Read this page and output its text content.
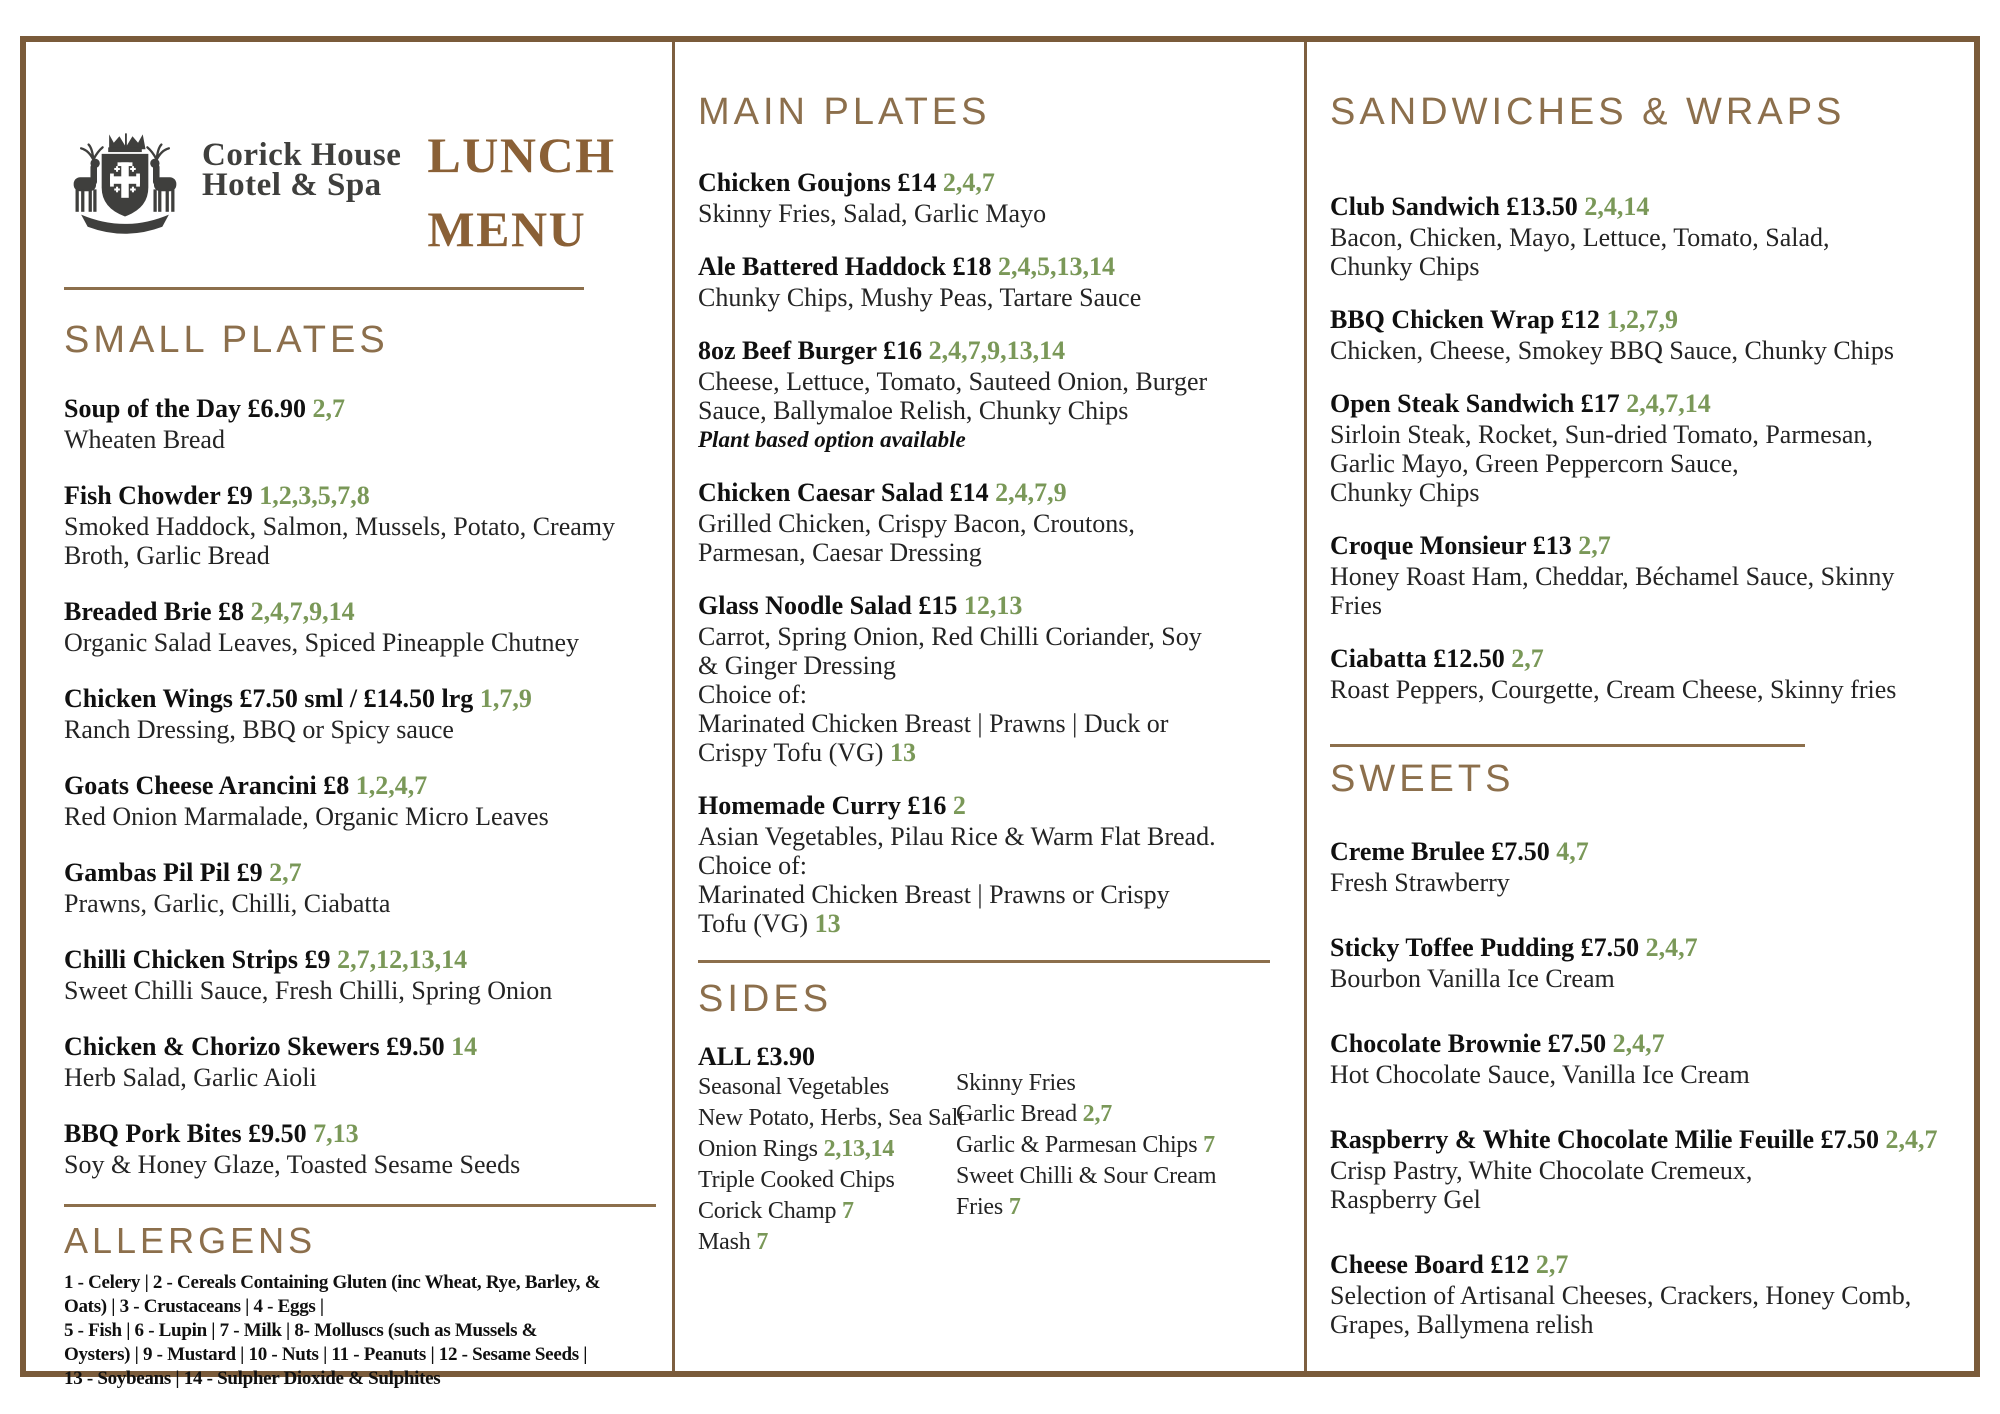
Corick House
Hotel & Spa
LUNCH
MENU
SMALL PLATES
Soup of the Day £6.90 2,7
Wheaten Bread
Fish Chowder £9 1,2,3,5,7,8
Smoked Haddock, Salmon, Mussels, Potato, Creamy
Broth, Garlic Bread
Breaded Brie £8 2,4,7,9,14
Organic Salad Leaves, Spiced Pineapple Chutney
Chicken Wings £7.50 sml / £14.50 lrg 1,7,9
Ranch Dressing, BBQ or Spicy sauce
Goats Cheese Arancini £8 1,2,4,7
Red Onion Marmalade, Organic Micro Leaves
Gambas Pil Pil £9 2,7
Prawns, Garlic, Chilli, Ciabatta
Chilli Chicken Strips £9 2,7,12,13,14
Sweet Chilli Sauce, Fresh Chilli, Spring Onion
Chicken & Chorizo Skewers £9.50 14
Herb Salad, Garlic Aioli
BBQ Pork Bites £9.50 7,13
Soy & Honey Glaze, Toasted Sesame Seeds
ALLERGENS
1 - Celery | 2 - Cereals Containing Gluten (inc Wheat, Rye, Barley, &
Oats) | 3 - Crustaceans | 4 - Eggs |
5 - Fish | 6 - Lupin | 7 - Milk | 8- Molluscs (such as Mussels &
Oysters) | 9 - Mustard | 10 - Nuts | 11 - Peanuts | 12 - Sesame Seeds |
13 - Soybeans | 14 - Sulpher Dioxide & Sulphites
MAIN PLATES
Chicken Goujons £14 2,4,7
Skinny Fries, Salad, Garlic Mayo
Ale Battered Haddock £18 2,4,5,13,14
Chunky Chips, Mushy Peas, Tartare Sauce
8oz Beef Burger £16 2,4,7,9,13,14
Cheese, Lettuce, Tomato, Sauteed Onion, Burger
Sauce, Ballymaloe Relish, Chunky Chips
Plant based option available
Chicken Caesar Salad £14 2,4,7,9
Grilled Chicken, Crispy Bacon, Croutons,
Parmesan, Caesar Dressing
Glass Noodle Salad £15 12,13
Carrot, Spring Onion, Red Chilli Coriander, Soy
& Ginger Dressing
Choice of:
Marinated Chicken Breast | Prawns | Duck or
Crispy Tofu (VG) 13
Homemade Curry £16 2
Asian Vegetables, Pilau Rice & Warm Flat Bread.
Choice of:
Marinated Chicken Breast | Prawns or Crispy
Tofu (VG) 13
SIDES
ALL £3.90
Seasonal Vegetables
New Potato, Herbs, Sea Salt
Onion Rings 2,13,14
Triple Cooked Chips
Corick Champ 7
Mash 7
Skinny Fries
Garlic Bread 2,7
Garlic & Parmesan Chips 7
Sweet Chilli & Sour Cream
Fries 7
SANDWICHES & WRAPS
Club Sandwich £13.50 2,4,14
Bacon, Chicken, Mayo, Lettuce, Tomato, Salad,
Chunky Chips
BBQ Chicken Wrap £12 1,2,7,9
Chicken, Cheese, Smokey BBQ Sauce, Chunky Chips
Open Steak Sandwich £17 2,4,7,14
Sirloin Steak, Rocket, Sun-dried Tomato, Parmesan,
Garlic Mayo, Green Peppercorn Sauce,
Chunky Chips
Croque Monsieur £13 2,7
Honey Roast Ham, Cheddar, Béchamel Sauce, Skinny
Fries
Ciabatta £12.50 2,7
Roast Peppers, Courgette, Cream Cheese, Skinny fries
SWEETS
Creme Brulee £7.50 4,7
Fresh Strawberry
Sticky Toffee Pudding £7.50 2,4,7
Bourbon Vanilla Ice Cream
Chocolate Brownie £7.50 2,4,7
Hot Chocolate Sauce, Vanilla Ice Cream
Raspberry & White Chocolate Milie Feuille £7.50 2,4,7
Crisp Pastry, White Chocolate Cremeux,
Raspberry Gel
Cheese Board £12 2,7
Selection of Artisanal Cheeses, Crackers, Honey Comb,
Grapes, Ballymena relish
